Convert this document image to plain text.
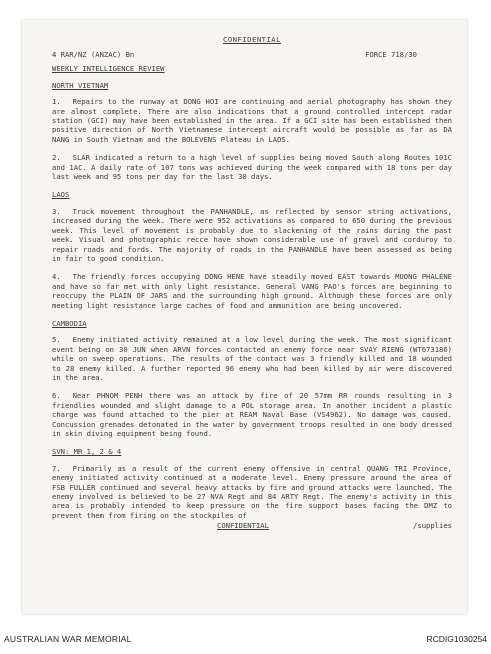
CONFIDENTIAL
4 RAR/NZ (ANZAC) Bn	FORCE 718/30
WEEKLY INTELLIGENCE REVIEW
NORTH VIETNAM

1. Repairs to the runway at DONG HOI are continuing and aerial photography has shown they are almost complete. There are also indications that a ground controlled intercept radar station (GCI) may have been established in the area. If a GCI site has been established then positive direction of North Vietnamese intercept aircraft would be possible as far as DA NANG in South Vietnam and the BOLEVENS Plateau in LAOS.

2. SLAR indicated a return to a high level of supplies being moved South along Routes 101C and 1AC. A daily rate of 107 tons was achieved during the week compared with 18 tons per day last week and 95 tons per day for the last 30 days.

LAOS

3. Truck movement throughout the PANHANDLE, as reflected by sensor string activations, increased during the week. There were 952 activations as compared to 650 during the previous week. This level of movement is probably due to slackening of the rains during the past week. Visual and photographic recce have shown considerable use of gravel and corduroy to repair roads and fords. The majority of roads in the PANHANDLE have been assessed as being in fair to good condition.

4. The friendly forces occupying DONG HENE have steadily moved EAST towards MUONG PHALENE and have so far met with only light resistance. General VANG PAO's forces are beginning to reoccupy the PLAIN OF JARS and the surrounding high ground. Although these forces are only meeting light resistance large caches of food and ammunition are being uncovered.

CAMBODIA

5. Enemy initiated activity remained at a low level during the week. The most significant event being on 30 JUN when ARVN forces contacted an enemy force near SVAY RIENG (WT673186) while on sweep operations. The results of the contact was 3 friendly killed and 18 wounded to 28 enemy killed. A further reported 96 enemy who had been killed by air were discovered in the area.

6. Near PHNOM PENH there was an attack by fire of 20 57mm RR rounds resulting in 3 friendlies wounded and slight damage to a POL storage area. In another incident a plastic charge was found attached to the pier at REAM Naval Base (VS4962). No damage was caused. Concussion grenades detonated in the water by government troops resulted in one body dressed in skin diving equipment being found.

SVN: MR 1, 2 & 4

7. Primarily as a result of the current enemy offensive in central QUANG TRI Province, enemy initiated activity continued at a moderate level. Enemy pressure around the area of FSB FULLER continued and several heavy attacks by fire and ground attacks were launched. The enemy involved is believed to be 27 NVA Regt and 84 ARTY Regt. The enemy's activity in this area is probably intended to keep pressure on the fire support bases facing the DMZ to prevent them from firing on the stockpiles of

CONFIDENTIAL	/supplies
AUSTRALIAN WAR MEMORIAL	RCDIG1030254
